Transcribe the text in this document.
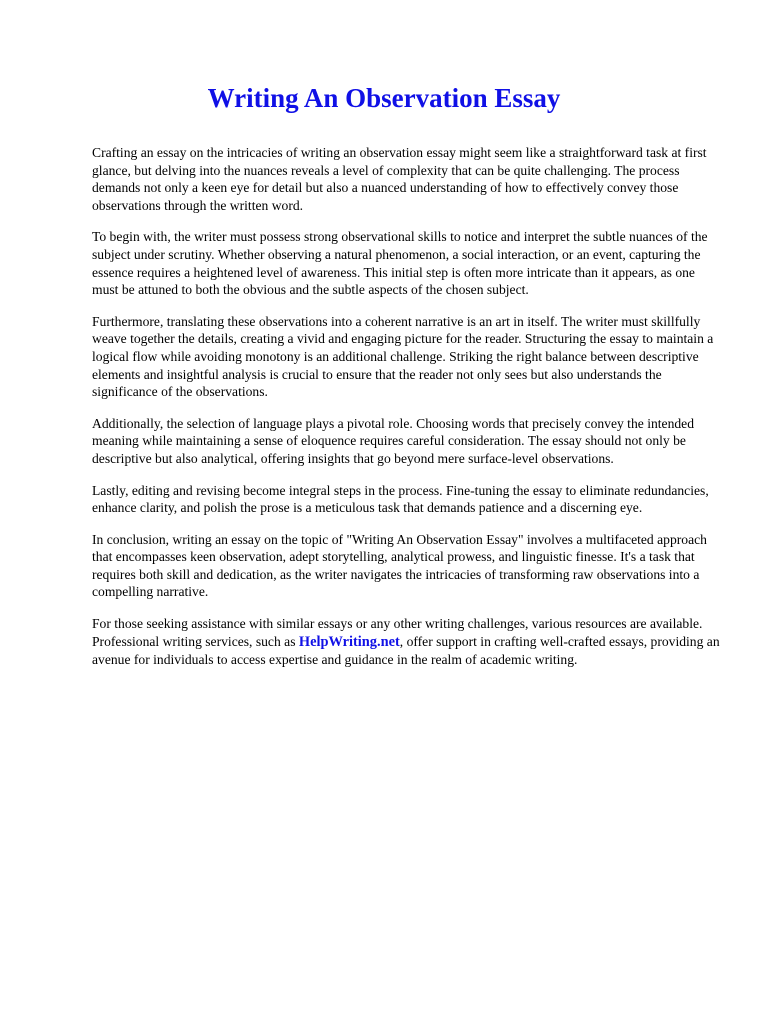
Writing An Observation Essay

Crafting an essay on the intricacies of writing an observation essay might seem like a straightforward task at first glance, but delving into the nuances reveals a level of complexity that can be quite challenging. The process demands not only a keen eye for detail but also a nuanced understanding of how to effectively convey those observations through the written word.

To begin with, the writer must possess strong observational skills to notice and interpret the subtle nuances of the subject under scrutiny. Whether observing a natural phenomenon, a social interaction, or an event, capturing the essence requires a heightened level of awareness. This initial step is often more intricate than it appears, as one must be attuned to both the obvious and the subtle aspects of the chosen subject.

Furthermore, translating these observations into a coherent narrative is an art in itself. The writer must skillfully weave together the details, creating a vivid and engaging picture for the reader. Structuring the essay to maintain a logical flow while avoiding monotony is an additional challenge. Striking the right balance between descriptive elements and insightful analysis is crucial to ensure that the reader not only sees but also understands the significance of the observations.

Additionally, the selection of language plays a pivotal role. Choosing words that precisely convey the intended meaning while maintaining a sense of eloquence requires careful consideration. The essay should not only be descriptive but also analytical, offering insights that go beyond mere surface-level observations.

Lastly, editing and revising become integral steps in the process. Fine-tuning the essay to eliminate redundancies, enhance clarity, and polish the prose is a meticulous task that demands patience and a discerning eye.

In conclusion, writing an essay on the topic of "Writing An Observation Essay" involves a multifaceted approach that encompasses keen observation, adept storytelling, analytical prowess, and linguistic finesse. It's a task that requires both skill and dedication, as the writer navigates the intricacies of transforming raw observations into a compelling narrative.

For those seeking assistance with similar essays or any other writing challenges, various resources are available. Professional writing services, such as HelpWriting.net, offer support in crafting well-crafted essays, providing an avenue for individuals to access expertise and guidance in the realm of academic writing.
